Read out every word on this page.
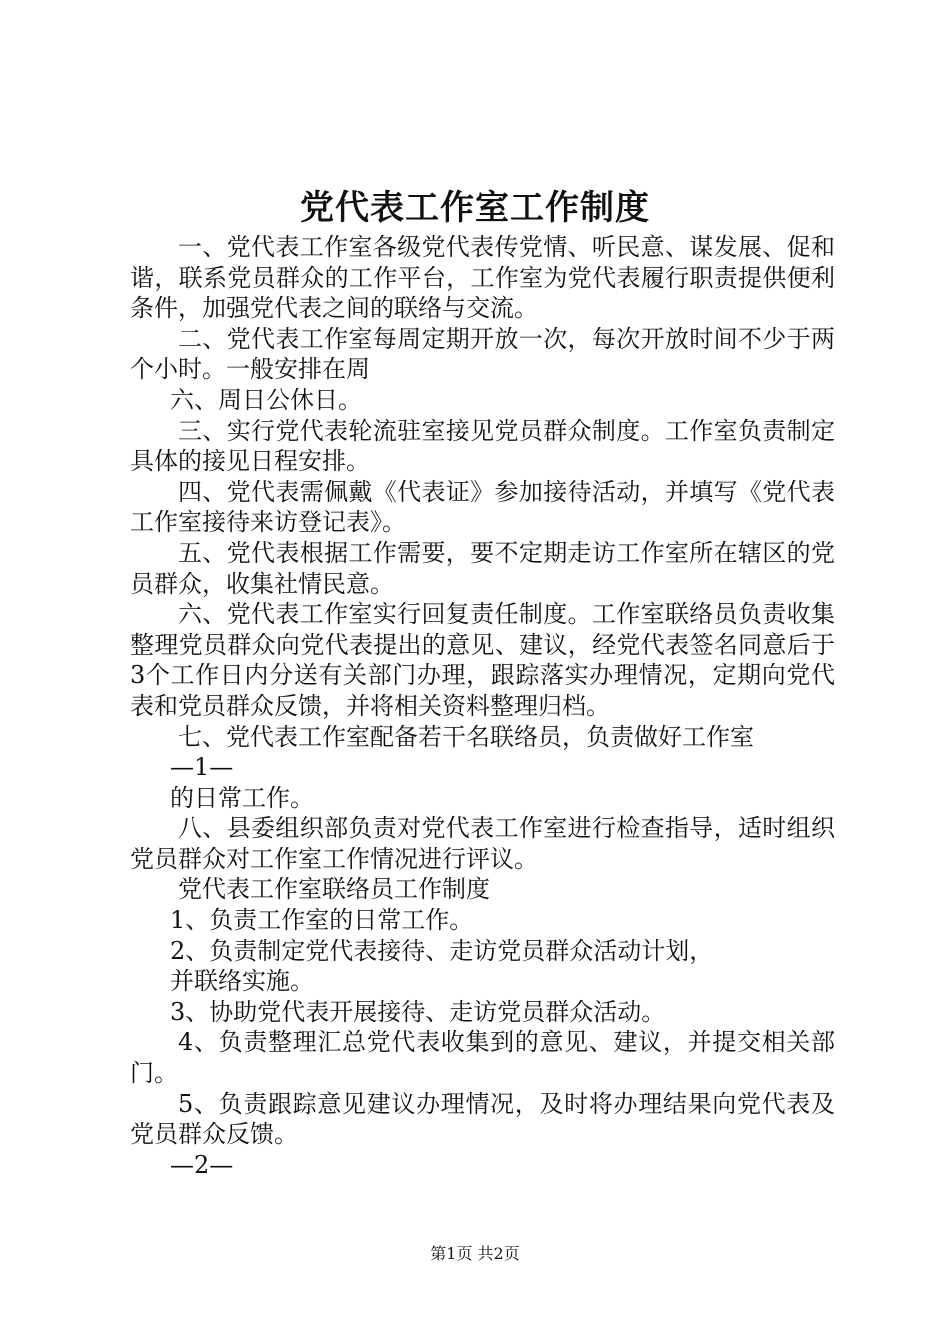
党代表工作室工作制度

一、党代表工作室各级党代表传党情、听民意、谋发展、促和谐，联系党员群众的工作平台，工作室为党代表履行职责提供便利条件，加强党代表之间的联络与交流。

二、党代表工作室每周定期开放一次，每次开放时间不少于两个小时。一般安排在周

六、周日公休日。

三、实行党代表轮流驻室接见党员群众制度。工作室负责制定具体的接见日程安排。

四、党代表需佩戴《代表证》参加接待活动，并填写《党代表工作室接待来访登记表》。

五、党代表根据工作需要，要不定期走访工作室所在辖区的党员群众，收集社情民意。

六、党代表工作室实行回复责任制度。工作室联络员负责收集整理党员群众向党代表提出的意见、建议，经党代表签名同意后于3个工作日内分送有关部门办理，跟踪落实办理情况，定期向党代表和党员群众反馈，并将相关资料整理归档。

七、党代表工作室配备若干名联络员，负责做好工作室

—1—

的日常工作。

八、县委组织部负责对党代表工作室进行检查指导，适时组织党员群众对工作室工作情况进行评议。

党代表工作室联络员工作制度

1、负责工作室的日常工作。

2、负责制定党代表接待、走访党员群众活动计划，

并联络实施。

3、协助党代表开展接待、走访党员群众活动。

4、负责整理汇总党代表收集到的意见、建议，并提交相关部门。

5、负责跟踪意见建议办理情况，及时将办理结果向党代表及党员群众反馈。

—2—

第1页 共2页
